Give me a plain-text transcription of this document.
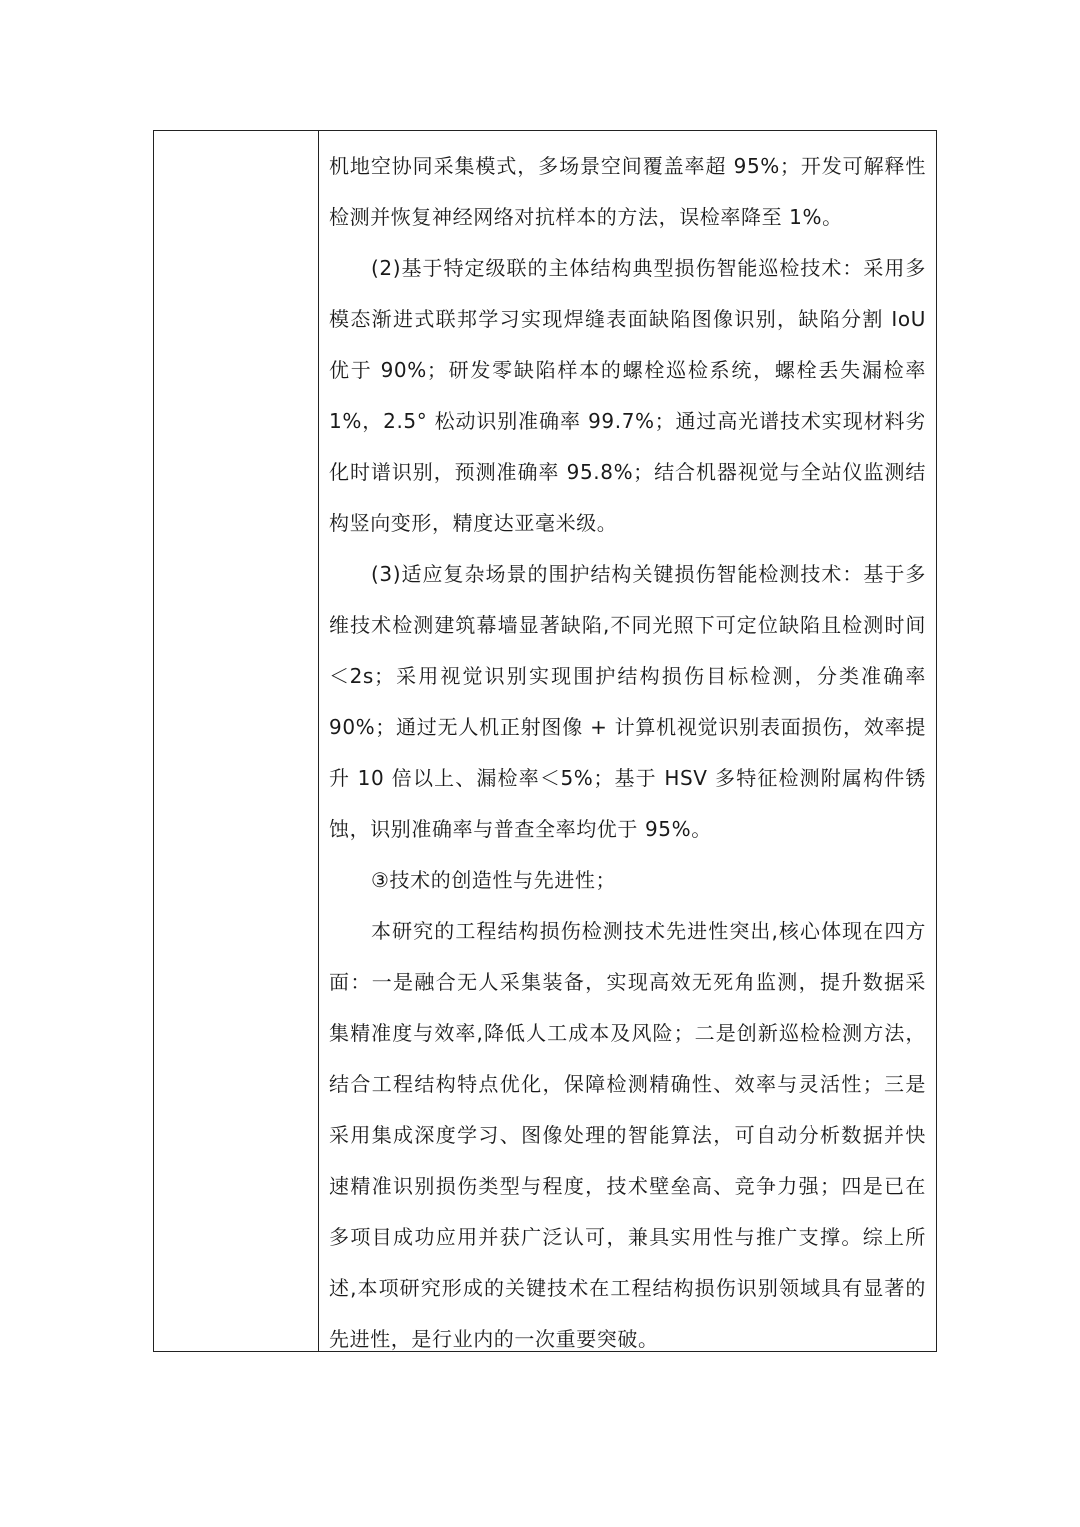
机地空协同采集模式，多场景空间覆盖率超 95%；开发可解释性检测并恢复神经网络对抗样本的方法，误检率降至 1%。

(2)基于特定级联的主体结构典型损伤智能巡检技术：采用多模态渐进式联邦学习实现焊缝表面缺陷图像识别，缺陷分割 IoU 优于 90%；研发零缺陷样本的螺栓巡检系统，螺栓丢失漏检率 1%，2.5° 松动识别准确率 99.7%；通过高光谱技术实现材料劣化时谱识别，预测准确率 95.8%；结合机器视觉与全站仪监测结构竖向变形，精度达亚毫米级。

(3)适应复杂场景的围护结构关键损伤智能检测技术：基于多维技术检测建筑幕墙显著缺陷,不同光照下可定位缺陷且检测时间＜2s；采用视觉识别实现围护结构损伤目标检测，分类准确率 90%；通过无人机正射图像 + 计算机视觉识别表面损伤，效率提升 10 倍以上、漏检率＜5%；基于 HSV 多特征检测附属构件锈蚀，识别准确率与普查全率均优于 95%。

③技术的创造性与先进性；

本研究的工程结构损伤检测技术先进性突出,核心体现在四方面：一是融合无人采集装备，实现高效无死角监测，提升数据采集精准度与效率,降低人工成本及风险；二是创新巡检检测方法，结合工程结构特点优化，保障检测精确性、效率与灵活性；三是采用集成深度学习、图像处理的智能算法，可自动分析数据并快速精准识别损伤类型与程度，技术壁垒高、竞争力强；四是已在多项目成功应用并获广泛认可，兼具实用性与推广支撑。综上所述,本项研究形成的关键技术在工程结构损伤识别领域具有显著的先进性，是行业内的一次重要突破。
